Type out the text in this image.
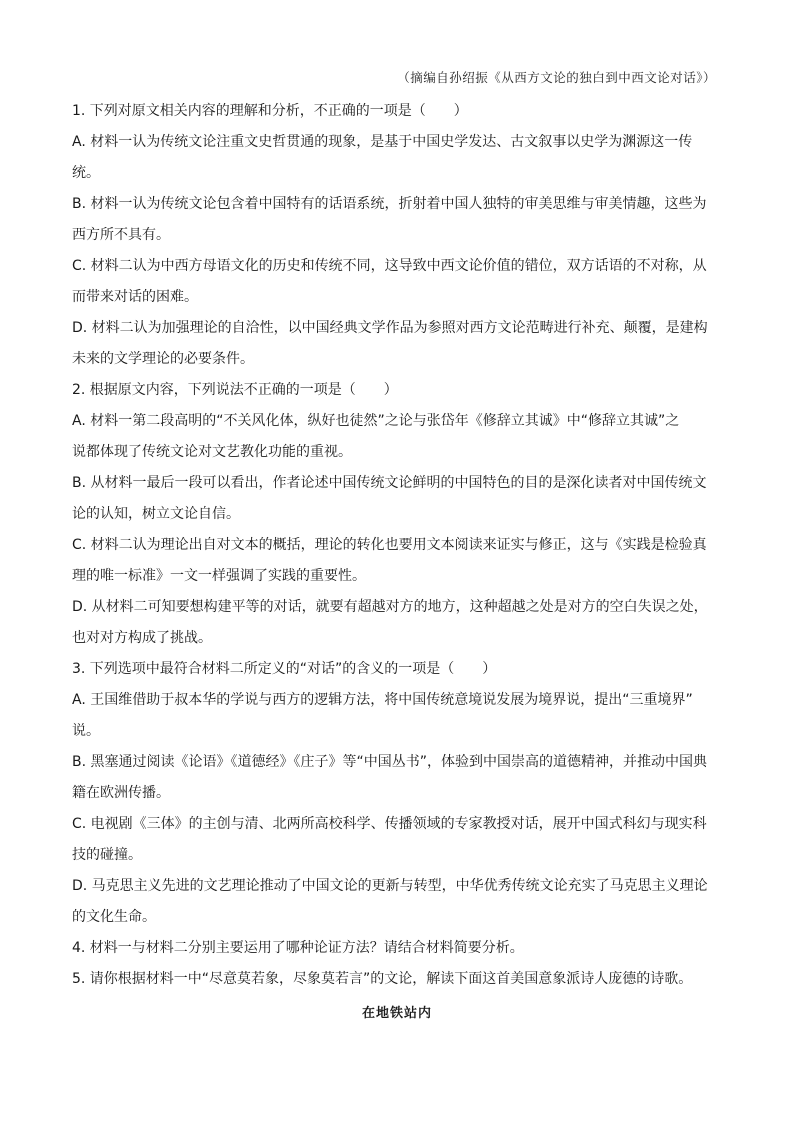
（摘编自孙绍振《从西方文论的独白到中西文论对话》）
1. 下列对原文相关内容的理解和分析，不正确的一项是（　　）
A. 材料一认为传统文论注重文史哲贯通的现象，是基于中国史学发达、古文叙事以史学为渊源这一传
统。
B. 材料一认为传统文论包含着中国特有的话语系统，折射着中国人独特的审美思维与审美情趣，这些为
西方所不具有。
C. 材料二认为中西方母语文化的历史和传统不同，这导致中西文论价值的错位，双方话语的不对称，从
而带来对话的困难。
D. 材料二认为加强理论的自洽性，以中国经典文学作品为参照对西方文论范畴进行补充、颠覆，是建构
未来的文学理论的必要条件。
2. 根据原文内容，下列说法不正确的一项是（　　）
A. 材料一第二段高明的“不关风化体，纵好也徒然”之论与张岱年《修辞立其诚》中“修辞立其诚”之
说都体现了传统文论对文艺教化功能的重视。
B. 从材料一最后一段可以看出，作者论述中国传统文论鲜明的中国特色的目的是深化读者对中国传统文
论的认知，树立文论自信。
C. 材料二认为理论出自对文本的概括，理论的转化也要用文本阅读来证实与修正，这与《实践是检验真
理的唯一标准》一文一样强调了实践的重要性。
D. 从材料二可知要想构建平等的对话，就要有超越对方的地方，这种超越之处是对方的空白失误之处，
也对对方构成了挑战。
3. 下列选项中最符合材料二所定义的“对话”的含义的一项是（　　）
A. 王国维借助于叔本华的学说与西方的逻辑方法，将中国传统意境说发展为境界说，提出“三重境界”
说。
B. 黑塞通过阅读《论语》《道德经》《庄子》等“中国丛书”，体验到中国崇高的道德精神，并推动中国典
籍在欧洲传播。
C. 电视剧《三体》的主创与清、北两所高校科学、传播领域的专家教授对话，展开中国式科幻与现实科
技的碰撞。
D. 马克思主义先进的文艺理论推动了中国文论的更新与转型，中华优秀传统文论充实了马克思主义理论
的文化生命。
4. 材料一与材料二分别主要运用了哪种论证方法？请结合材料简要分析。
5. 请你根据材料一中“尽意莫若象，尽象莫若言”的文论，解读下面这首美国意象派诗人庞德的诗歌。
在地铁站内
